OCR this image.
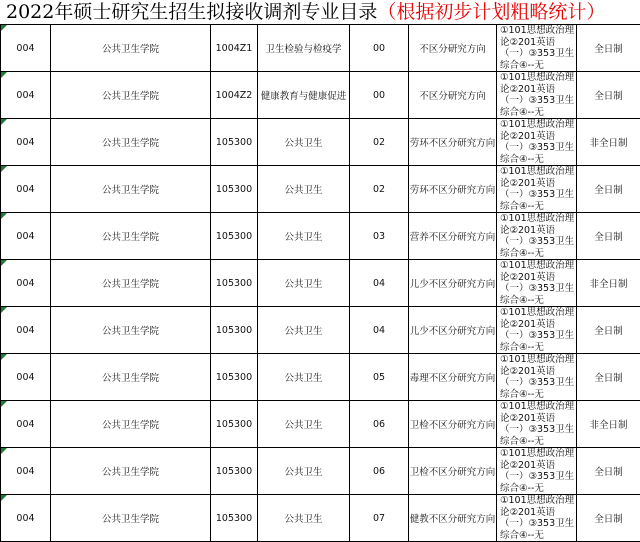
2022年硕士研究生招生拟接收调剂专业目录（根据初步计划粗略统计）
004	公共卫生学院	1004Z1	卫生检验与检疫学	00	不区分研究方向	①101思想政治理论②201英语（一）③353卫生综合④--无	全日制
004	公共卫生学院	1004Z2	健康教育与健康促进	00	不区分研究方向	①101思想政治理论②201英语（一）③353卫生综合④--无	全日制
004	公共卫生学院	105300	公共卫生	02	劳环不区分研究方向	①101思想政治理论②201英语（一）③353卫生综合④--无	非全日制
004	公共卫生学院	105300	公共卫生	02	劳环不区分研究方向	①101思想政治理论②201英语（一）③353卫生综合④--无	全日制
004	公共卫生学院	105300	公共卫生	03	营养不区分研究方向	①101思想政治理论②201英语（一）③353卫生综合④--无	全日制
004	公共卫生学院	105300	公共卫生	04	儿少不区分研究方向	①101思想政治理论②201英语（一）③353卫生综合④--无	非全日制
004	公共卫生学院	105300	公共卫生	04	儿少不区分研究方向	①101思想政治理论②201英语（一）③353卫生综合④--无	全日制
004	公共卫生学院	105300	公共卫生	05	毒理不区分研究方向	①101思想政治理论②201英语（一）③353卫生综合④--无	全日制
004	公共卫生学院	105300	公共卫生	06	卫检不区分研究方向	①101思想政治理论②201英语（一）③353卫生综合④--无	非全日制
004	公共卫生学院	105300	公共卫生	06	卫检不区分研究方向	①101思想政治理论②201英语（一）③353卫生综合④--无	全日制
004	公共卫生学院	105300	公共卫生	07	健教不区分研究方向	①101思想政治理论②201英语（一）③353卫生综合④--无	全日制
